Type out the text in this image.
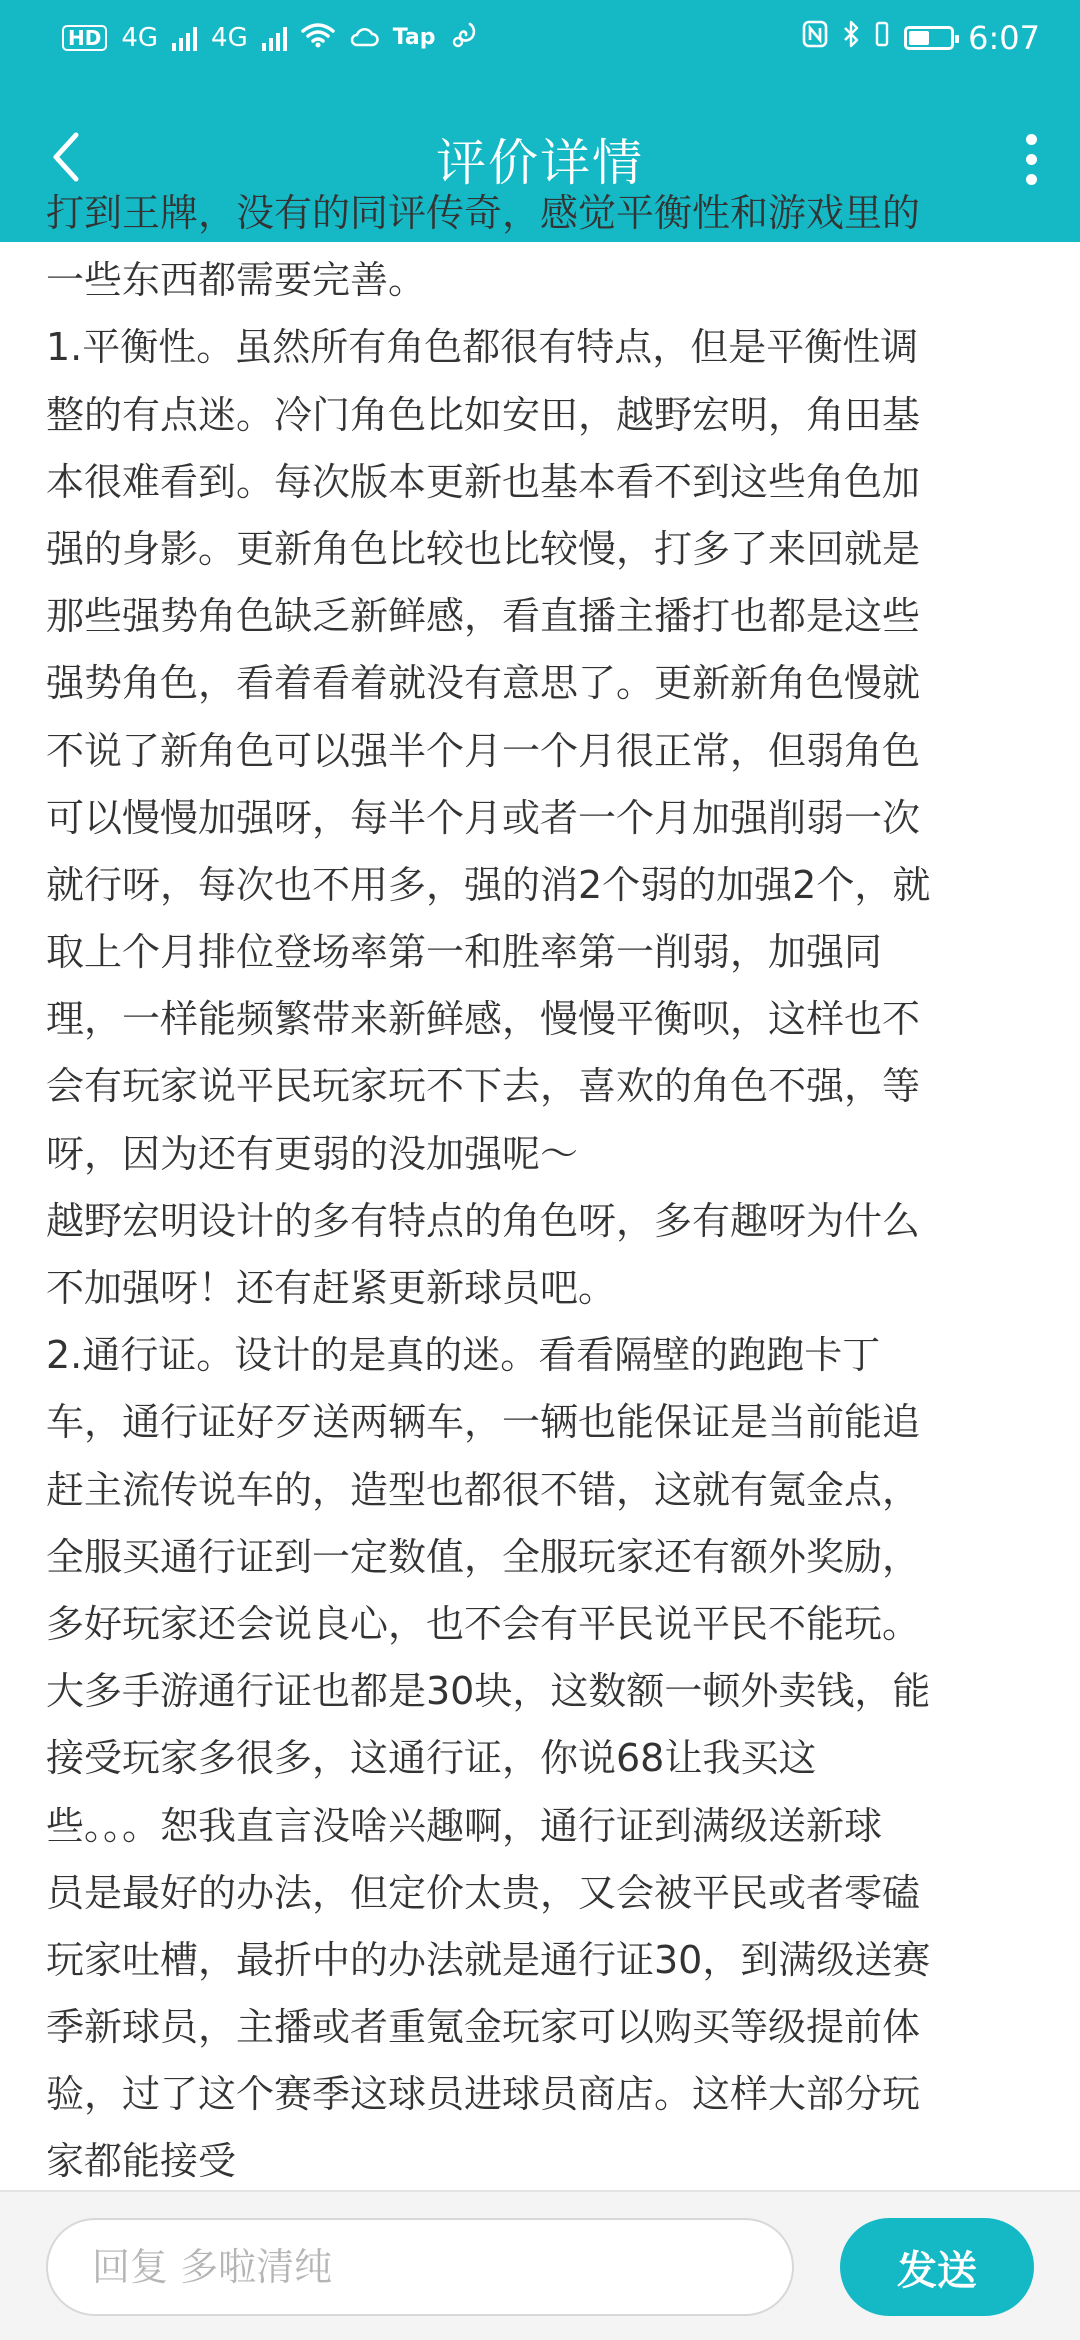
HD 4G 4G	Tap	6:07
评价详情
打到王牌，没有的同评传奇，感觉平衡性和游戏里的
一些东西都需要完善。
1.平衡性。虽然所有角色都很有特点，但是平衡性调
整的有点迷。冷门角色比如安田，越野宏明，角田基
本很难看到。每次版本更新也基本看不到这些角色加
强的身影。更新角色比较也比较慢，打多了来回就是
那些强势角色缺乏新鲜感，看直播主播打也都是这些
强势角色，看着看着就没有意思了。更新新角色慢就
不说了新角色可以强半个月一个月很正常，但弱角色
可以慢慢加强呀，每半个月或者一个月加强削弱一次
就行呀，每次也不用多，强的消2个弱的加强2个，就
取上个月排位登场率第一和胜率第一削弱，加强同
理，一样能频繁带来新鲜感，慢慢平衡呗，这样也不
会有玩家说平民玩家玩不下去，喜欢的角色不强，等
呀，因为还有更弱的没加强呢～
越野宏明设计的多有特点的角色呀，多有趣呀为什么
不加强呀！还有赶紧更新球员吧。
2.通行证。设计的是真的迷。看看隔壁的跑跑卡丁
车，通行证好歹送两辆车，一辆也能保证是当前能追
赶主流传说车的，造型也都很不错，这就有氪金点，
全服买通行证到一定数值，全服玩家还有额外奖励，
多好玩家还会说良心，也不会有平民说平民不能玩。
大多手游通行证也都是30块，这数额一顿外卖钱，能
接受玩家多很多，这通行证，你说68让我买这
些。。。恕我直言没啥兴趣啊，通行证到满级送新球
员是最好的办法，但定价太贵，又会被平民或者零磕
玩家吐槽，最折中的办法就是通行证30，到满级送赛
季新球员，主播或者重氪金玩家可以购买等级提前体
验，过了这个赛季这球员进球员商店。这样大部分玩
家都能接受
回复 多啦清纯
发送
